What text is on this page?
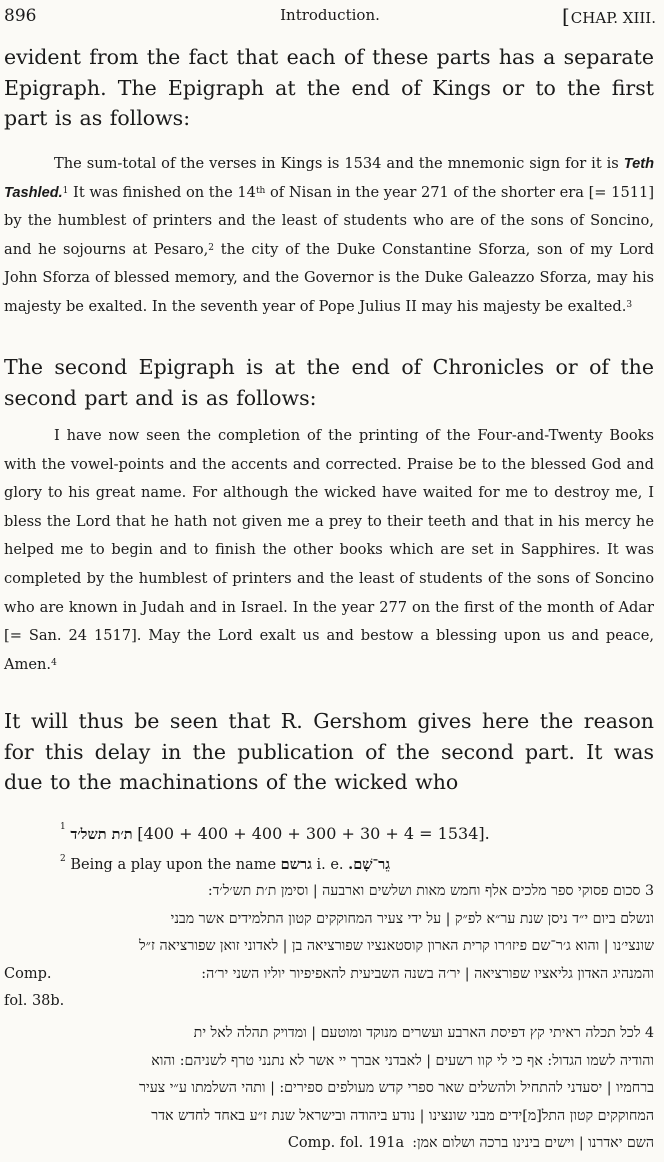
896	Introduction.
[	CHAP. XIII.

evident from the fact that each of these parts has a separate Epigraph. The Epigraph at the end of Kings or to the first part is as follows:

The sum-total of the verses in Kings is 1534 and the mnemonic sign for it is Teth Tashled.$^1$ It was finished on the 14th of Nisan in the year 271 of the shorter era [= 1511] by the humblest of printers and the least of students who are of the sons of Soncino, and he sojourns at Pesaro,$^2$ the city of the Duke Constantine Sforza, son of my Lord John Sforza of blessed memory, and the Governor is the Duke Galeazzo Sforza, may his majesty be exalted. In the seventh year of Pope Julius II may his majesty be exalted.$^3$

The second Epigraph is at the end of Chronicles or of the second part and is as follows:

I have now seen the completion of the printing of the Four-and-Twenty Books with the vowel-points and the accents and corrected. Praise be to the blessed God and glory to his great name. For although the wicked have waited for me to destroy me, I bless the Lord that he hath not given me a prey to their teeth and that in his mercy he helped me to begin and to finish the other books which are set in Sapphires. It was completed by the humblest of printers and the least of students of the sons of Soncino who are known in Judah and in Israel. In the year 277 on the first of the month of Adar [= San. 24 1517]. May the Lord exalt us and bestow a blessing upon us and peace, Amen.$^4$

It will thus be seen that R. Gershom gives here the reason for this delay in the publication of the second part. It was due to the machinations of the wicked who

$^1$ ת׳ת תשל׳ד [400 + 400 + 400 + 300 + 30 + 4 = 1534].
$^2$ Being a play upon the name גרשם i. e. גֵר־שָׁם.
3 סכום פסוקי ספר מלכים אלף וחמש מאות ושלשים וארבעה | וסימן ת׳ת תש׳ל׳ד:
ונשלם ביום י״ד ניסן שנת ער״א לפ״ק | על ידי צעיר המחוקקים קטון התלמידים אשר מבני
שונצי׳נו | והוא ג׳ר־שם פיזו׳רו קרית הארון קוסטאנציו שפורציאה בן | לאדוני זואן שפורציאה ז״ל
והמנהיג האדון גליאציו שפורציאה | יר׳ה בשנה השביעית להאפיפיור יוליו השני יר׳ה:
Comp.
fol. 38b.
4 לכל תכלה ראיתי קץ דפיסת הארבע ועשרים מנוקד ומוטעם | ומדויק תהלה לאל ית
והודיה לשמו הגדול: אף כי לי קוו רשעים | לאבדני אברך יי אשר לא נתנני טרף לשניהם: והוא
ברחמיו | יסעדני להתחיל ולהשלים שאר ספרי קדש מעולפים ספירים: | ותהי השלמתו ע״י צעיר
המחוקקים קטון התל[מ]ידים מבני שונצינו | נודע ביהודה ובישראל שנת ז״ע באחד לחדש אדר
השם יאדרנו | וישים בינינו ברכה ושלום אמן:
Comp. fol. 191a
